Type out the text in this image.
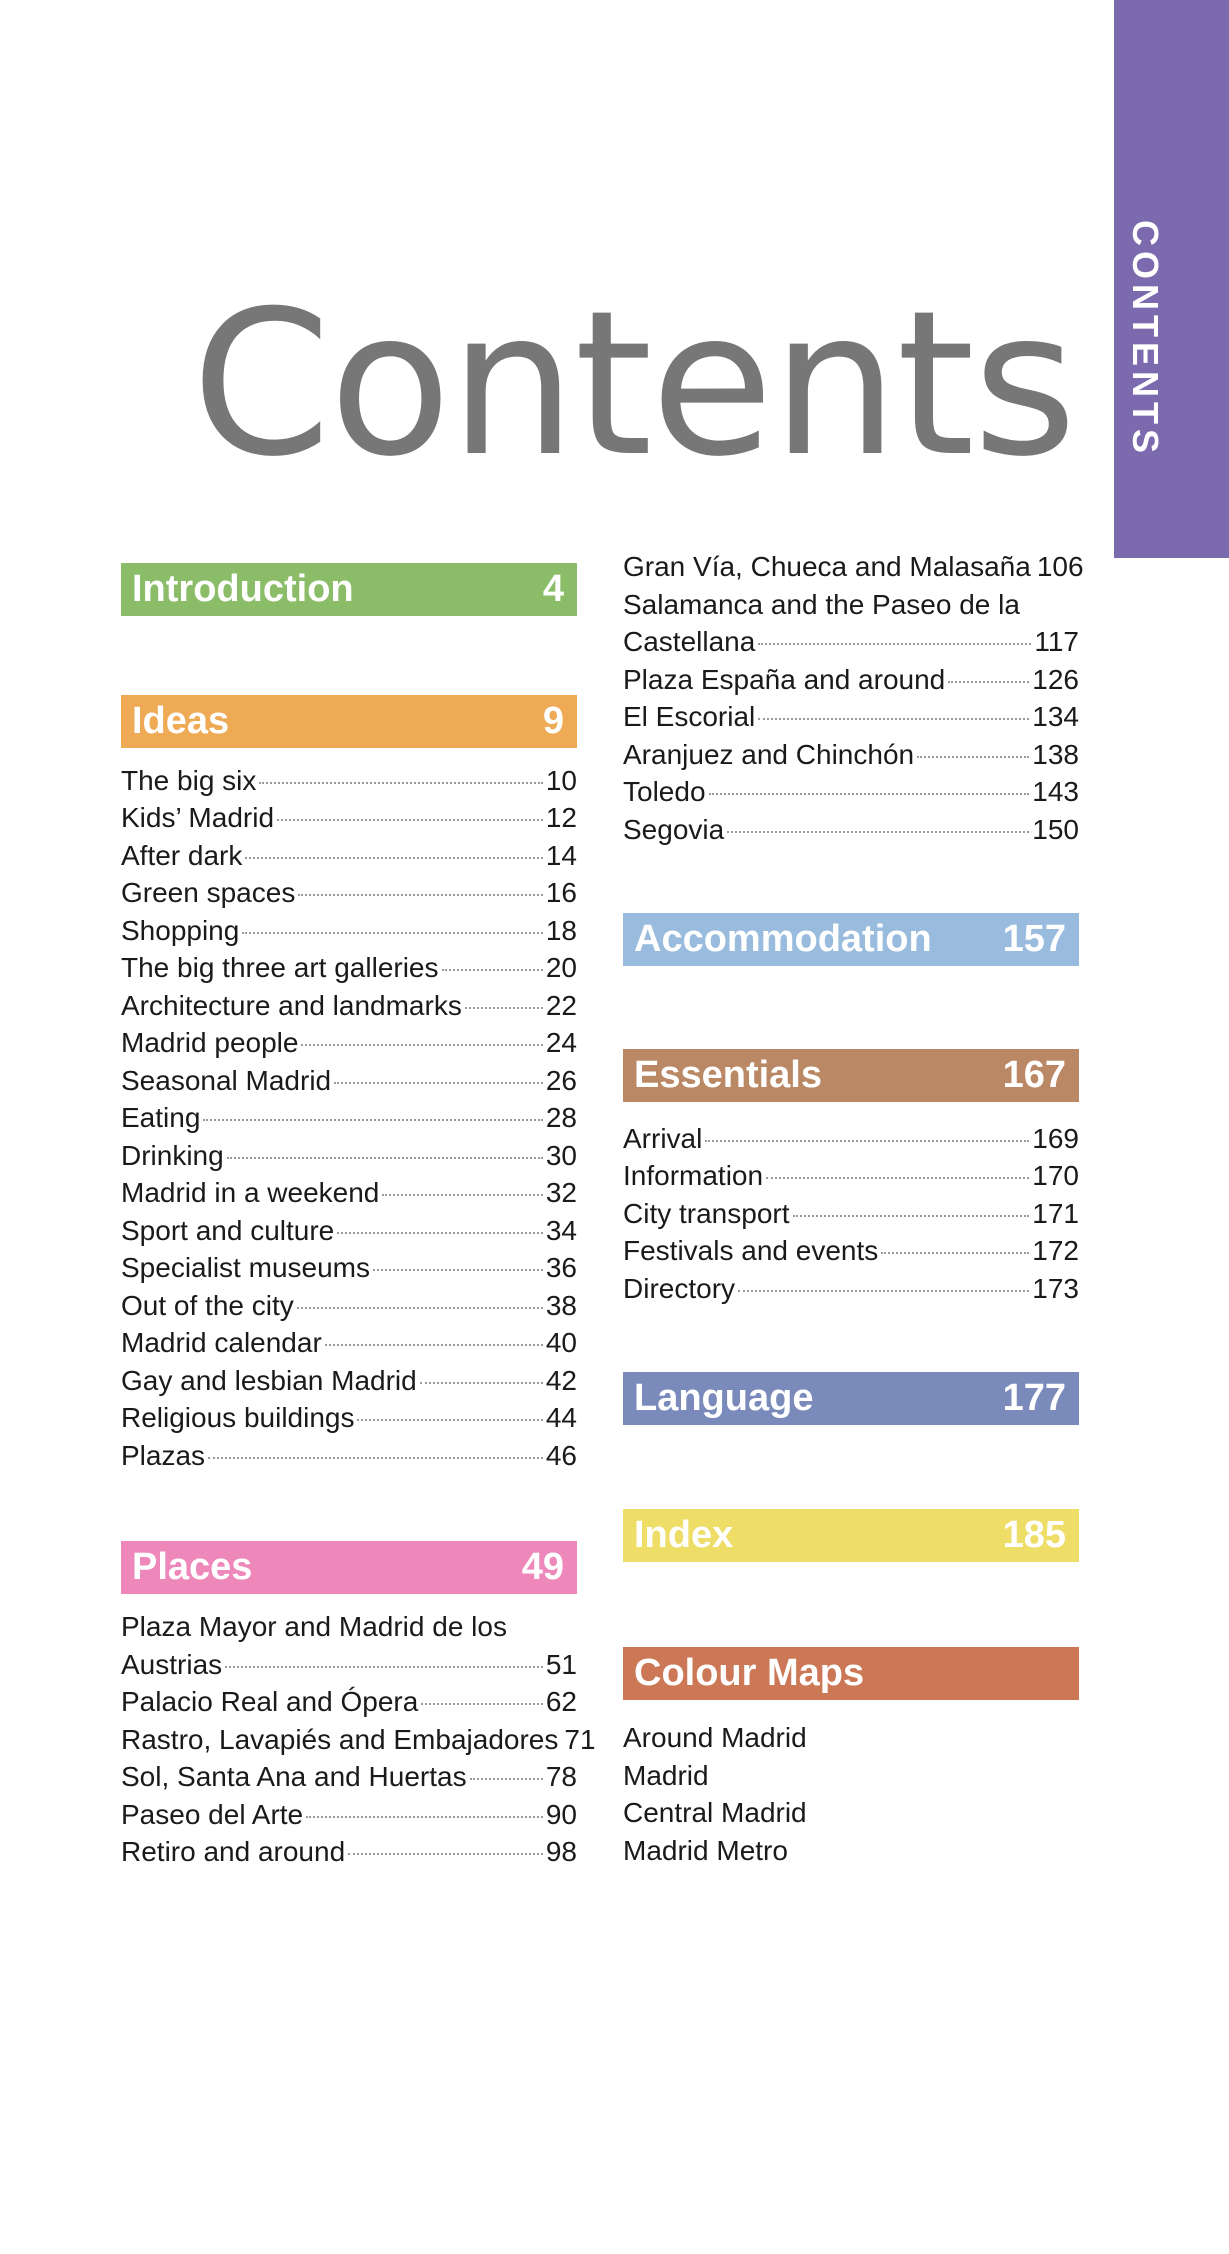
CONTENTS
Contents
Introduction	4
Ideas	9
The big six	10
Kids’ Madrid	12
After dark	14
Green spaces	16
Shopping	18
The big three art galleries	20
Architecture and landmarks	22
Madrid people	24
Seasonal Madrid	26
Eating	28
Drinking	30
Madrid in a weekend	32
Sport and culture	34
Specialist museums	36
Out of the city	38
Madrid calendar	40
Gay and lesbian Madrid	42
Religious buildings	44
Plazas	46
Places	49
Plaza Mayor and Madrid de los
Austrias	51
Palacio Real and Ópera	62
Rastro, Lavapiés and Embajadores 71
Sol, Santa Ana and Huertas	78
Paseo del Arte	90
Retiro and around	98
Gran Vía, Chueca and Malasaña 106
Salamanca and the Paseo de la
Castellana	117
Plaza España and around	126
El Escorial	134
Aranjuez and Chinchón	138
Toledo	143
Segovia	150
Accommodation 157
Essentials	167
Arrival	169
Information	170
City transport	171
Festivals and events	172
Directory	173
Language	177
Index	185
Colour Maps
Around Madrid
Madrid
Central Madrid
Madrid Metro
